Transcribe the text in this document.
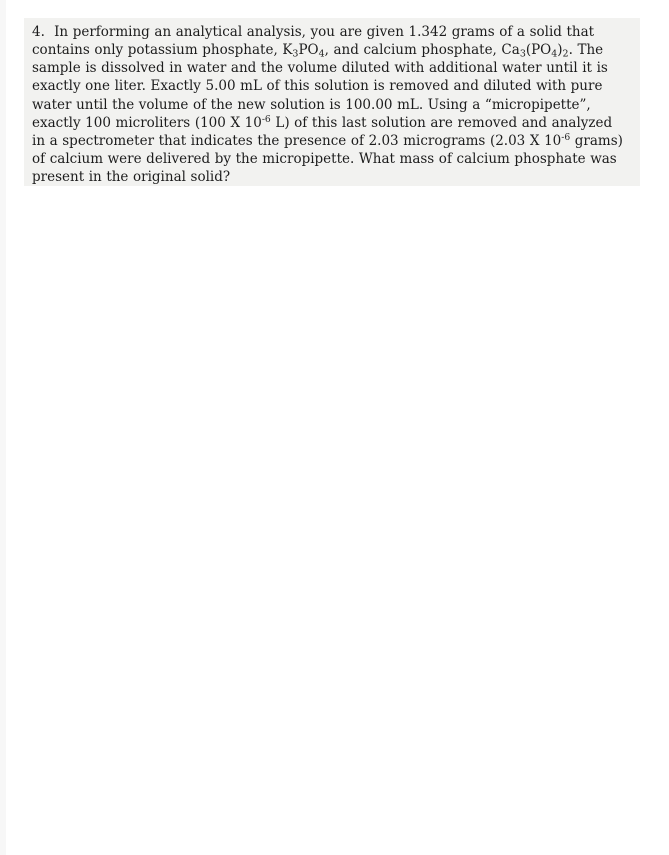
4. In performing an analytical analysis, you are given 1.342 grams of a solid that
contains only potassium phosphate, $K_3PO_4$, and calcium phosphate, $Ca_3(PO_4)_2$. The
sample is dissolved in water and the volume diluted with additional water until it is
exactly one liter. Exactly 5.00 mL of this solution is removed and diluted with pure
water until the volume of the new solution is 100.00 mL. Using a “micropipette”,
exactly 100 microliters (100 X $10^{-6}$ L) of this last solution are removed and analyzed
in a spectrometer that indicates the presence of 2.03 micrograms (2.03 X $10^{-6}$ grams)
of calcium were delivered by the micropipette. What mass of calcium phosphate was
present in the original solid?
